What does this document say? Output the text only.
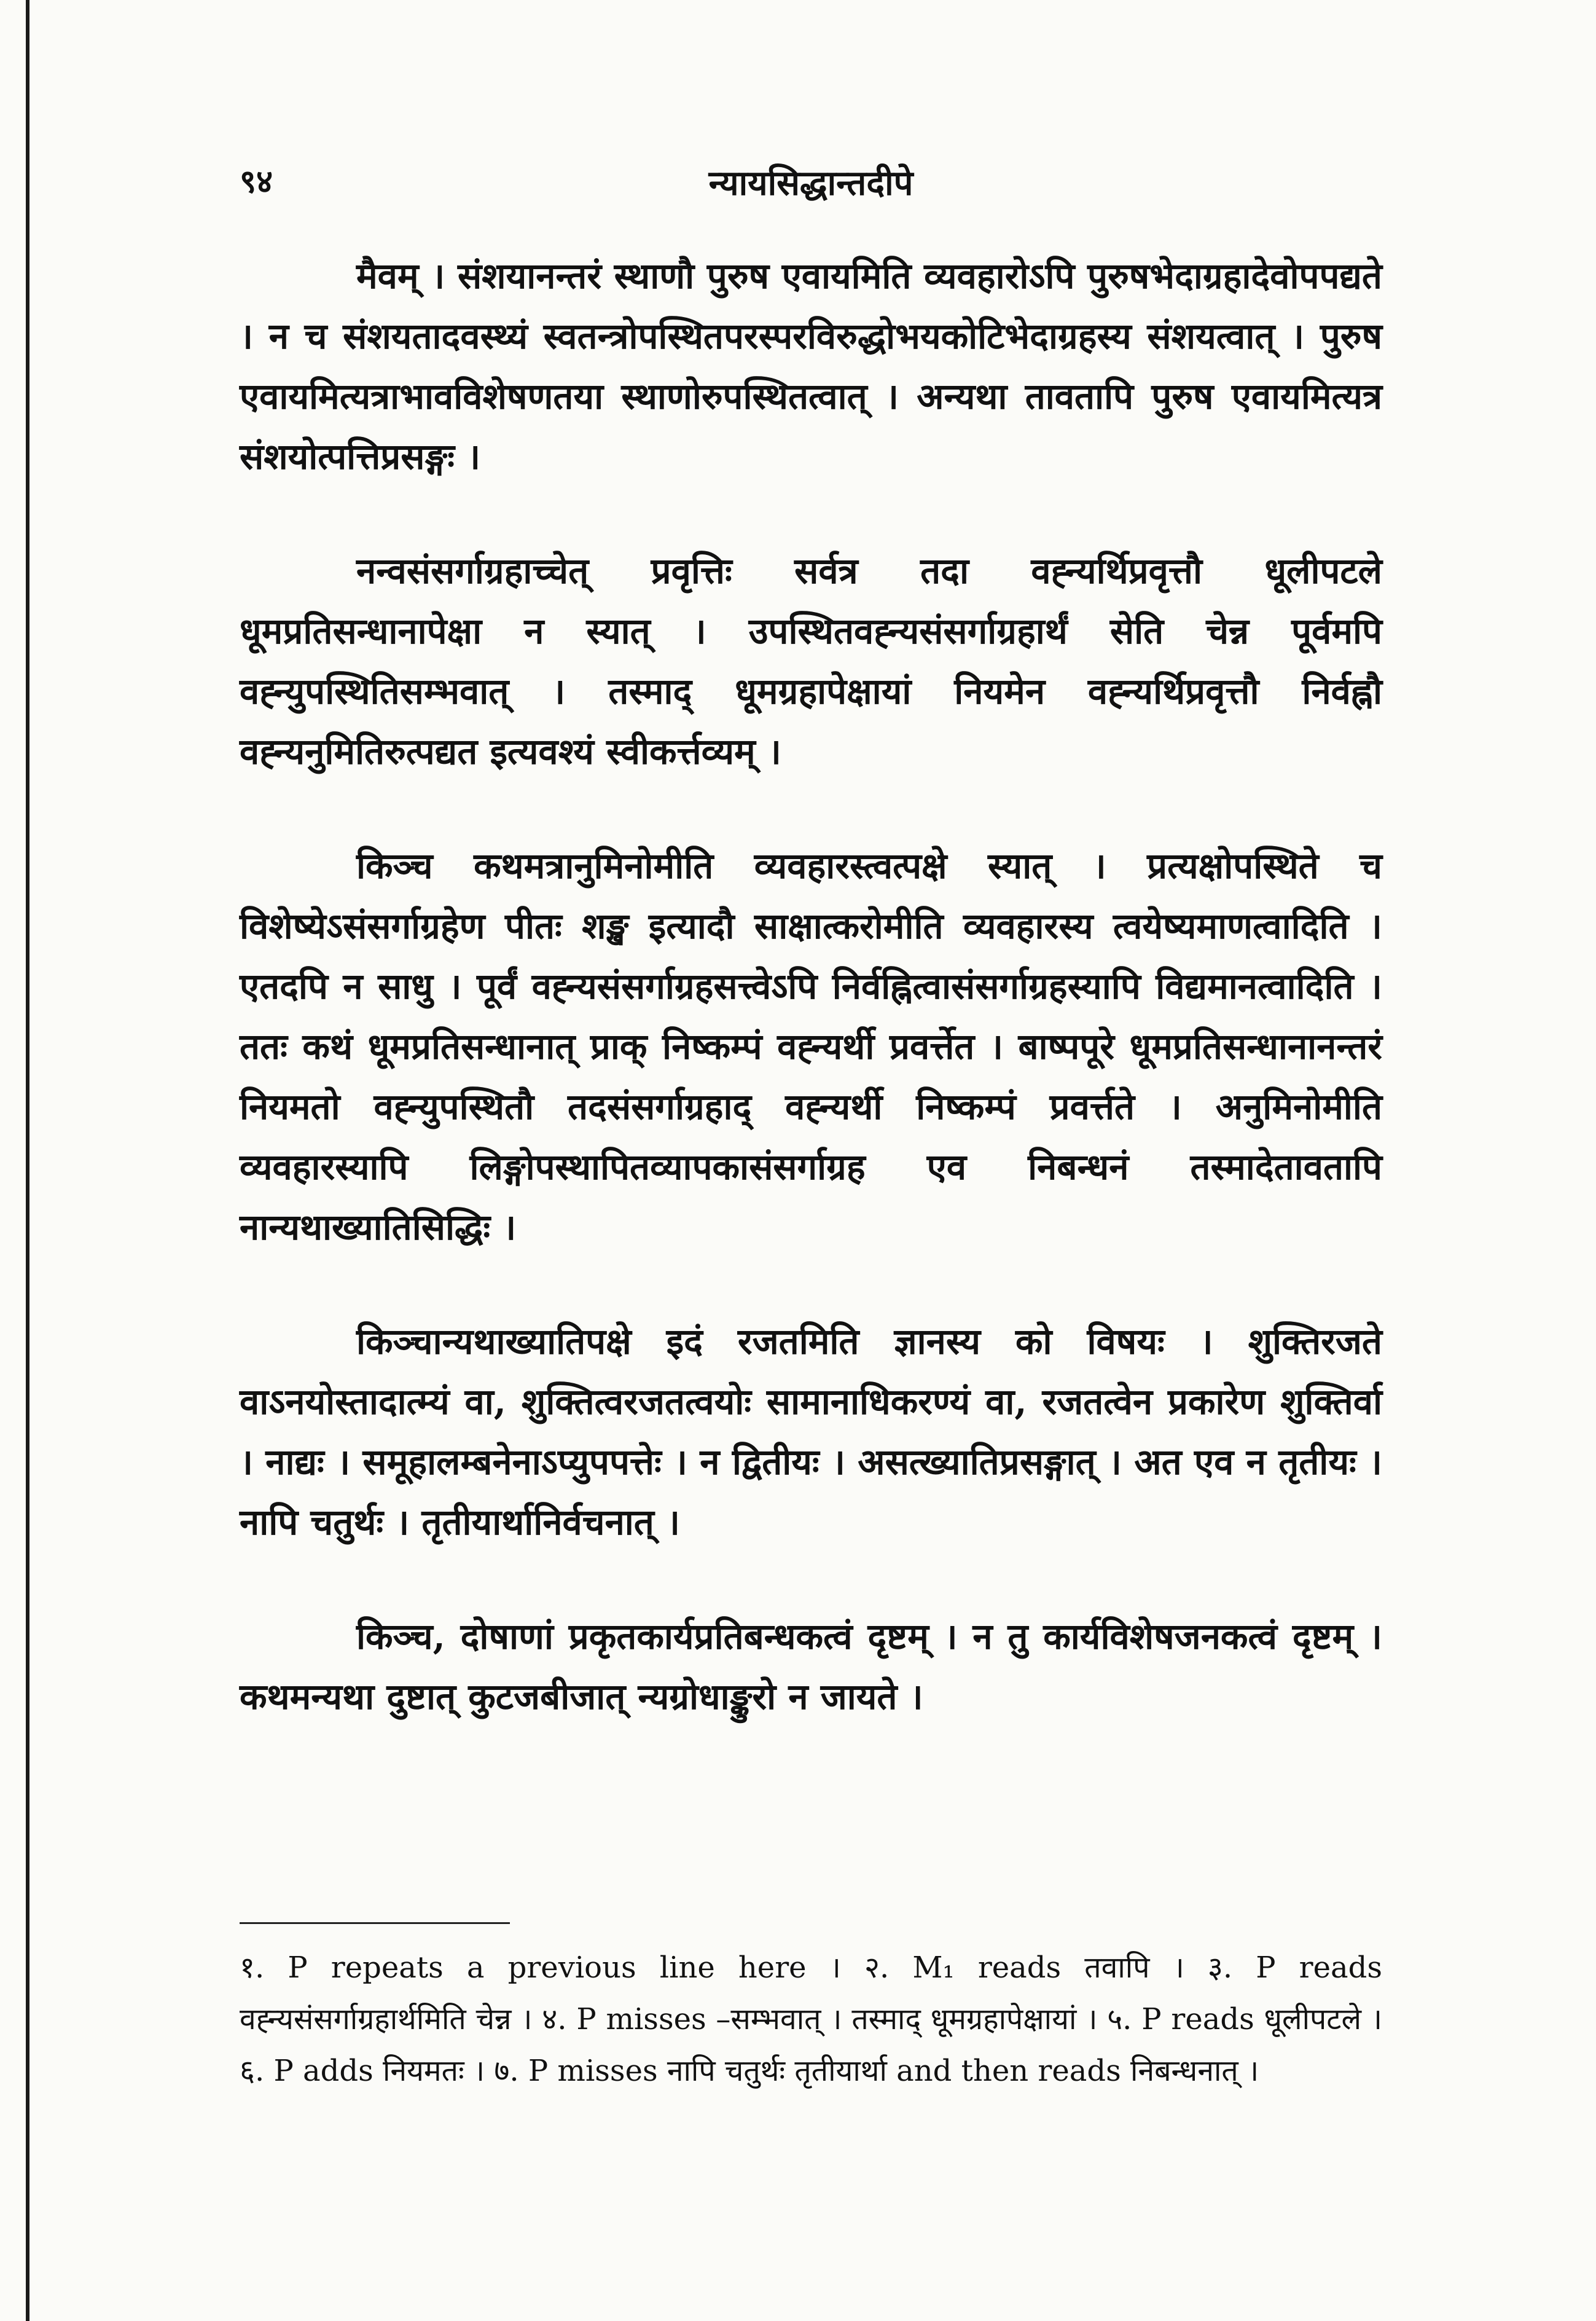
९४	न्यायसिद्धान्तदीपे

मैवम् । संशयानन्तरं स्थाणौ पुरुष एवायमिति व्यवहारोऽपि पुरुषभेदाग्रहादेवोपपद्यते । न च संशयतादवस्थ्यं स्वतन्त्रोपस्थितपरस्परविरुद्धोभयकोटिभेदाग्रहस्य संशयत्वात् । पुरुष एवायमित्यत्राभावविशेषणतया स्थाणोरुपस्थितत्वात् । अन्यथा तावतापि पुरुष एवायमित्यत्र संशयोत्पत्तिप्रसङ्गः ।

नन्वसंसर्गाग्रहाच्चेत् प्रवृत्तिः सर्वत्र तदा वह्न्यर्थिप्रवृत्तौ धूलीपटले धूमप्रतिसन्धानापेक्षा न स्यात् । उपस्थितवह्न्यसंसर्गाग्रहार्थं सेति चेन्न पूर्वमपि वह्न्युपस्थितिसम्भवात् । तस्माद् धूमग्रहापेक्षायां नियमेन वह्न्यर्थिप्रवृत्तौ निर्वह्नौ वह्न्यनुमितिरुत्पद्यत इत्यवश्यं स्वीकर्त्तव्यम् ।

किञ्च कथमत्रानुमिनोमीति व्यवहारस्त्वत्पक्षे स्यात् । प्रत्यक्षोपस्थिते च विशेष्येऽसंसर्गाग्रहेण पीतः शङ्ख इत्यादौ साक्षात्करोमीति व्यवहारस्य त्वयेष्यमाणत्वादिति । एतदपि न साधु । पूर्वं वह्न्यसंसर्गाग्रहसत्त्वेऽपि निर्वह्नित्वासंसर्गाग्रहस्यापि विद्यमानत्वादिति । ततः कथं धूमप्रतिसन्धानात् प्राक् निष्कम्पं वह्न्यर्थी प्रवर्त्तेत । बाष्पपूरे धूमप्रतिसन्धानानन्तरं नियमतो वह्न्युपस्थितौ तदसंसर्गाग्रहाद् वह्न्यर्थी निष्कम्पं प्रवर्त्तते । अनुमिनोमीति व्यवहारस्यापि लिङ्गोपस्थापितव्यापकासंसर्गाग्रह एव निबन्धनं तस्मादेतावतापि नान्यथाख्यातिसिद्धिः ।

किञ्चान्यथाख्यातिपक्षे इदं रजतमिति ज्ञानस्य को विषयः । शुक्तिरजते वाऽनयोस्तादात्म्यं वा, शुक्तित्वरजतत्वयोः सामानाधिकरण्यं वा, रजतत्वेन प्रकारेण शुक्तिर्वा । नाद्यः । समूहालम्बनेनाऽप्युपपत्तेः । न द्वितीयः । असत्ख्यातिप्रसङ्गात् । अत एव न तृतीयः । नापि चतुर्थः । तृतीयार्थानिर्वचनात् ।

किञ्च, दोषाणां प्रकृतकार्यप्रतिबन्धकत्वं दृष्टम् । न तु कार्यविशेषजनकत्वं दृष्टम् । कथमन्यथा दुष्टात् कुटजबीजात् न्यग्रोधाङ्कुरो न जायते ।

१. P repeats a previous line here । २. M₁ reads तवापि । ३. P reads वह्न्यसंसर्गाग्रहार्थमिति चेन्न । ४. P misses –सम्भवात् । तस्माद् धूमग्रहापेक्षायां । ५. P reads धूलीपटले । ६. P adds नियमतः । ७. P misses नापि चतुर्थः तृतीयार्था and then reads निबन्धनात् ।
